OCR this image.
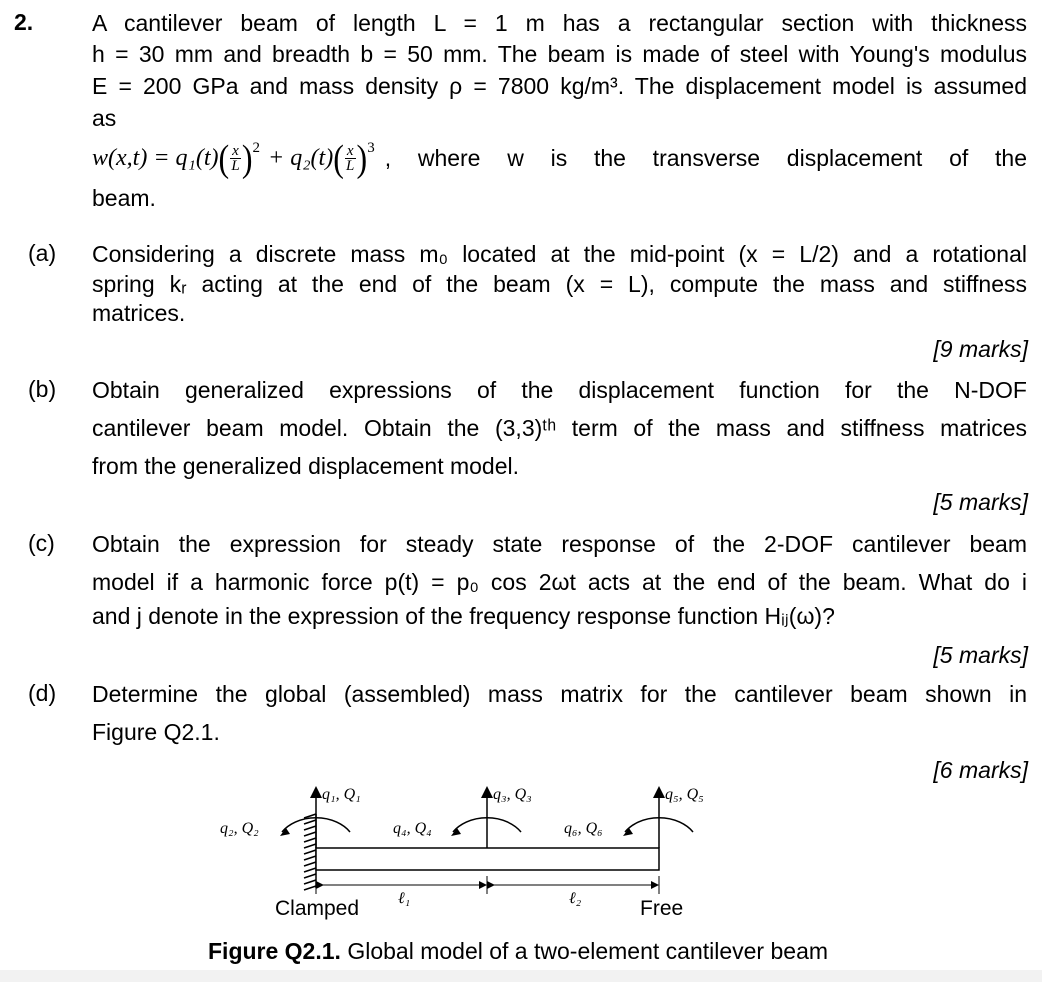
2.	A cantilever beam of length L = 1 m has a rectangular section with thickness
h = 30 mm and breadth b = 50 mm. The beam is made of steel with Young's modulus
E = 200 GPa and mass density ρ = 7800 kg/m³. The displacement model is assumed
as
w(x,t) = q₁(t) ( $\frac{x}{L} )^2 + q_2(t)$ ( $\frac{x}{L} )^3$ , where w is the transverse displacement of the
beam.
(a) Considering a discrete mass m₀ located at the mid-point (x = L/2) and a rotational
spring kᵣ acting at the end of the beam (x = L), compute the mass and stiffness
matrices.
[9 marks]
(b) Obtain generalized expressions of the displacement function for the N-DOF
cantilever beam model. Obtain the (3,3)ᵗʰ term of the mass and stiffness matrices
from the generalized displacement model.
[5 marks]
(c) Obtain the expression for steady state response of the 2-DOF cantilever beam
model if a harmonic force p(t) = p₀ cos 2ωt acts at the end of the beam. What do i
and j denote in the expression of the frequency response function Hᵢⱼ(ω)?
[5 marks]
(d) Determine the global (assembled) mass matrix for the cantilever beam shown in
Figure Q2.1.
[6 marks]
q₁, Q₁
q₂, Q₂
q₃, Q₃
q₄, Q₄
q₅, Q₅
q₆, Q₆
ℓ₁	ℓ₂
Clamped	Free
Figure Q2.1. Global model of a two-element cantilever beam
